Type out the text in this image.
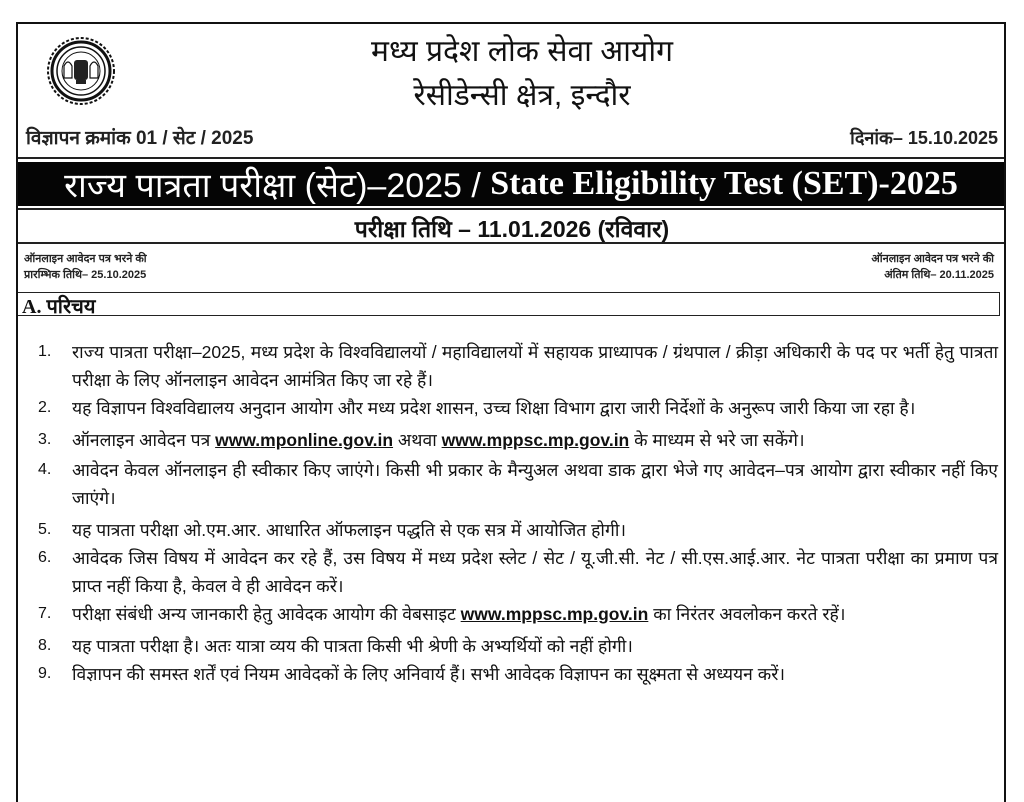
मध्य प्रदेश लोक सेवा आयोग
रेसीडेन्सी क्षेत्र, इन्दौर
विज्ञापन क्रमांक 01 / सेट / 2025	दिनांक– 15.10.2025
राज्य पात्रता परीक्षा (सेट)–2025 /
State Eligibility Test (SET)-2025
परीक्षा तिथि – 11.01.2026 (रविवार)
ऑनलाइन आवेदन पत्र भरने की
प्रारम्भिक तिथि– 25.10.2025
ऑनलाइन आवेदन पत्र भरने की
अंतिम तिथि– 20.11.2025
A. परिचय
1. राज्य पात्रता परीक्षा–2025, मध्य प्रदेश के विश्वविद्यालयों / महाविद्यालयों में सहायक प्राध्यापक / ग्रंथपाल / क्रीड़ा अधिकारी के पद पर भर्ती हेतु पात्रता परीक्षा के लिए ऑनलाइन आवेदन आमंत्रित किए जा रहे हैं।
2. यह विज्ञापन विश्वविद्यालय अनुदान आयोग और मध्य प्रदेश शासन, उच्च शिक्षा विभाग द्वारा जारी निर्देशों के अनुरूप जारी किया जा रहा है।
3. ऑनलाइन आवेदन पत्र www.mponline.gov.in अथवा www.mppsc.mp.gov.in के माध्यम से भरे जा सकेंगे।
4. आवेदन केवल ऑनलाइन ही स्वीकार किए जाएंगे। किसी भी प्रकार के मैन्युअल अथवा डाक द्वारा भेजे गए आवेदन–पत्र आयोग द्वारा स्वीकार नहीं किए जाएंगे।
5. यह पात्रता परीक्षा ओ.एम.आर. आधारित ऑफलाइन पद्धति से एक सत्र में आयोजित होगी।
6. आवेदक जिस विषय में आवेदन कर रहे हैं, उस विषय में मध्य प्रदेश स्लेट / सेट / यू.जी.सी. नेट / सी.एस.आई.आर. नेट पात्रता परीक्षा का प्रमाण पत्र प्राप्त नहीं किया है, केवल वे ही आवेदन करें।
7. परीक्षा संबंधी अन्य जानकारी हेतु आवेदक आयोग की वेबसाइट www.mppsc.mp.gov.in का निरंतर अवलोकन करते रहें।
8. यह पात्रता परीक्षा है। अतः यात्रा व्यय की पात्रता किसी भी श्रेणी के अभ्यर्थियों को नहीं होगी।
9. विज्ञापन की समस्त शर्तें एवं नियम आवेदकों के लिए अनिवार्य हैं। सभी आवेदक विज्ञापन का सूक्ष्मता से अध्ययन करें।
